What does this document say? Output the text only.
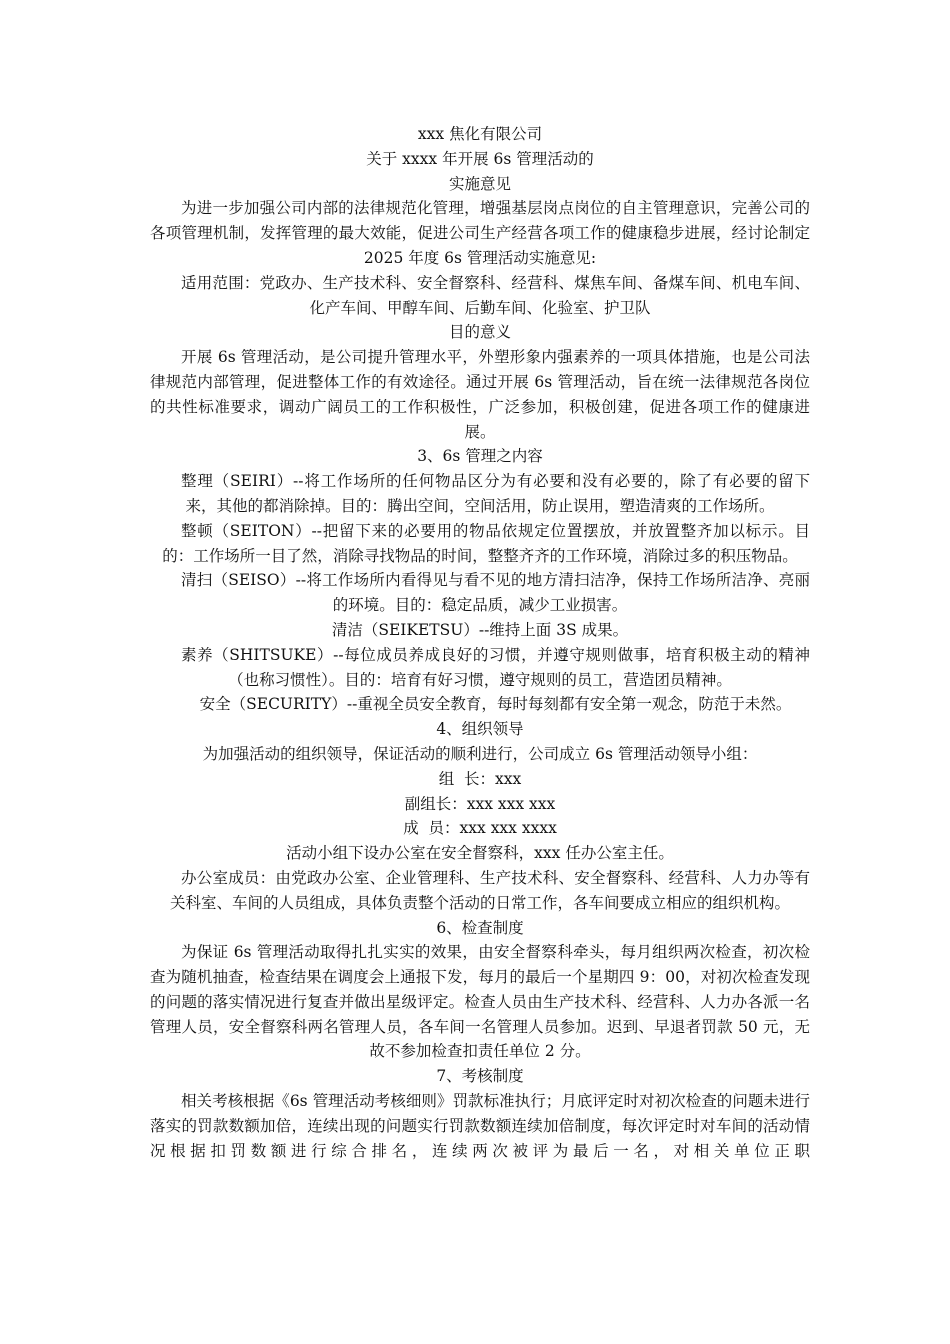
xxx 焦化有限公司

关于 xxxx 年开展 6s 管理活动的

实施意见

为进一步加强公司内部的法律规范化管理，增强基层岗点岗位的自主管理意识，完善公司的各项管理机制，发挥管理的最大效能，促进公司生产经营各项工作的健康稳步进展，经讨论制定 2025 年度 6s 管理活动实施意见:

适用范围：党政办、生产技术科、安全督察科、经营科、煤焦车间、备煤车间、机电车间、化产车间、甲醇车间、后勤车间、化验室、护卫队

目的意义

开展 6s 管理活动，是公司提升管理水平，外塑形象内强素养的一项具体措施，也是公司法律规范内部管理，促进整体工作的有效途径。通过开展 6s 管理活动，旨在统一法律规范各岗位的共性标准要求，调动广阔员工的工作积极性，广泛参加，积极创建，促进各项工作的健康进展。

3、6s 管理之内容

整理（SEIRI）--将工作场所的任何物品区分为有必要和没有必要的，除了有必要的留下来，其他的都消除掉。目的：腾出空间，空间活用，防止误用，塑造清爽的工作场所。

整顿（SEITON）--把留下来的必要用的物品依规定位置摆放，并放置整齐加以标示。目的：工作场所一目了然，消除寻找物品的时间，整整齐齐的工作环境，消除过多的积压物品。

清扫（SEISO）--将工作场所内看得见与看不见的地方清扫洁净，保持工作场所洁净、亮丽的环境。目的：稳定品质，减少工业损害。

清洁（SEIKETSU）--维持上面 3S 成果。

素养（SHITSUKE）--每位成员养成良好的习惯，并遵守规则做事，培育积极主动的精神（也称习惯性）。目的：培育有好习惯，遵守规则的员工，营造团员精神。

安全（SECURITY）--重视全员安全教育，每时每刻都有安全第一观念，防范于未然。

4、组织领导

为加强活动的组织领导，保证活动的顺利进行，公司成立 6s 管理活动领导小组：

组  长：xxx

副组长：xxx xxx xxx

成  员：xxx xxx xxxx

活动小组下设办公室在安全督察科，xxx 任办公室主任。

办公室成员：由党政办公室、企业管理科、生产技术科、安全督察科、经营科、人力办等有关科室、车间的人员组成，具体负责整个活动的日常工作，各车间要成立相应的组织机构。

6、检查制度

为保证 6s 管理活动取得扎扎实实的效果，由安全督察科牵头，每月组织两次检查，初次检查为随机抽查，检查结果在调度会上通报下发，每月的最后一个星期四 9：00，对初次检查发现的问题的落实情况进行复查并做出星级评定。检查人员由生产技术科、经营科、人力办各派一名管理人员，安全督察科两名管理人员，各车间一名管理人员参加。迟到、早退者罚款 50 元，无故不参加检查扣责任单位 2 分。

7、考核制度

相关考核根据《6s 管理活动考核细则》罚款标准执行；月底评定时对初次检查的问题未进行落实的罚款数额加倍，连续出现的问题实行罚款数额连续加倍制度，每次评定时对车间的活动情况根据扣罚数额进行综合排名，连续两次被评为最后一名，对相关单位正职
